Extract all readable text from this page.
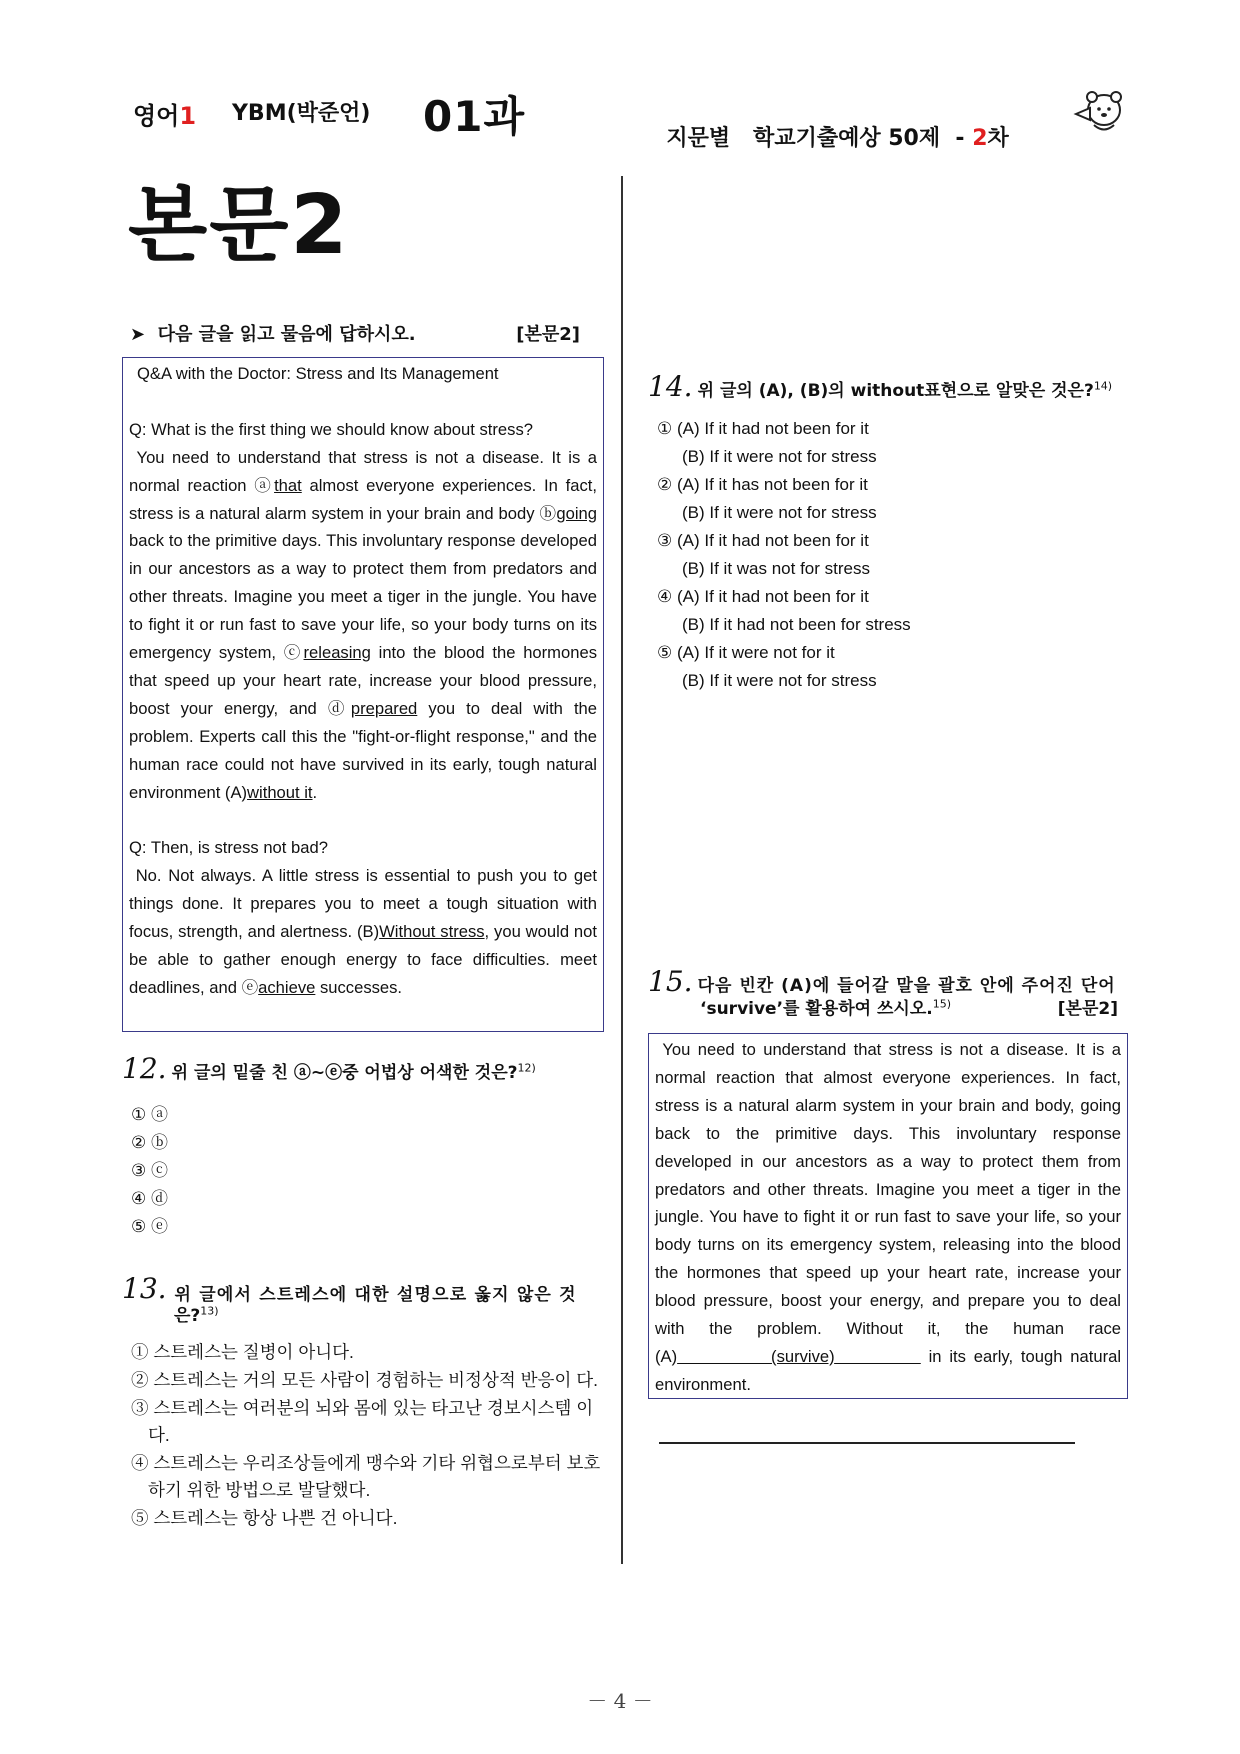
영어1 YBM(박준언) 01과	지문별   학교기출예상 50제  - 2차

본문2
➤ 다음 글을 읽고 물음에 답하시오.	[본문2]

Q&A with the Doctor: Stress and Its Management

Q: What is the first thing we should know about stress?

You need to understand that stress is not a disease. It is a normal reaction ⓐthat almost everyone experiences. In fact, stress is a natural alarm system in your brain and body ⓑgoing back to the primitive days. This involuntary response developed in our ancestors as a way to protect them from predators and other threats. Imagine you meet a tiger in the jungle. You have to fight it or run fast to save your life, so your body turns on its emergency system, ⓒreleasing into the blood the hormones that speed up your heart rate, increase your blood pressure, boost your energy, and ⓓprepared you to deal with the problem. Experts call this the "fight-or-flight response," and the human race could not have survived in its early, tough natural environment (A)without it.

Q: Then, is stress not bad?

No. Not always. A little stress is essential to push you to get things done. It prepares you to meet a tough situation with focus, strength, and alertness. (B)Without stress, you would not be able to gather enough energy to face difficulties. meet deadlines, and ⓔachieve successes.

12. 위 글의 밑줄 친 ⓐ~ⓔ중 어법상 어색한 것은?$^{12)}$
① ⓐ
② ⓑ
③ ⓒ
④ ⓓ
⑤ ⓔ
13. 위 글에서 스트레스에 대한 설명으로 옳지 않은 것
은?$^{13)}$
① 스트레스는 질병이 아니다.
② 스트레스는 거의 모든 사람이 경험하는 비정상적 반응이 다.
③ 스트레스는 여러분의 뇌와 몸에 있는 타고난 경보시스템 이다.
④ 스트레스는 우리조상들에게 맹수와 기타 위협으로부터 보호하기 위한 방법으로 발달했다.
⑤ 스트레스는 항상 나쁜 건 아니다.
14. 위 글의 (A), (B)의 without표현으로 알맞은 것은?$^{14)}$
① (A) If it had not been for it
(B) If it were not for stress
② (A) If it has not been for it
(B) If it were not for stress
③ (A) If it had not been for it
(B) If it was not for stress
④ (A) If it had not been for it
(B) If it had not been for stress
⑤ (A) If it were not for it
(B) If it were not for stress
15. 다음 빈칸 (A)에 들어갈 말을 괄호 안에 주어진 단어
‘survive’를 활용하여 쓰시오.$^{15)}$	[본문2]

You need to understand that stress is not a disease. It is a normal reaction that almost everyone experiences. In fact, stress is a natural alarm system in your brain and body, going back to the primitive days. This involuntary response developed in our ancestors as a way to protect them from predators and other threats. Imagine you meet a tiger in the jungle. You have to fight it or run fast to save your life, so your body turns on its emergency system, releasing into the blood the hormones that speed up your heart rate, increase your blood pressure, boost your energy, and prepare you to deal with the problem. Without it, the human race (A)	(survive)	in its early, tough natural environment.

－ 4 －
